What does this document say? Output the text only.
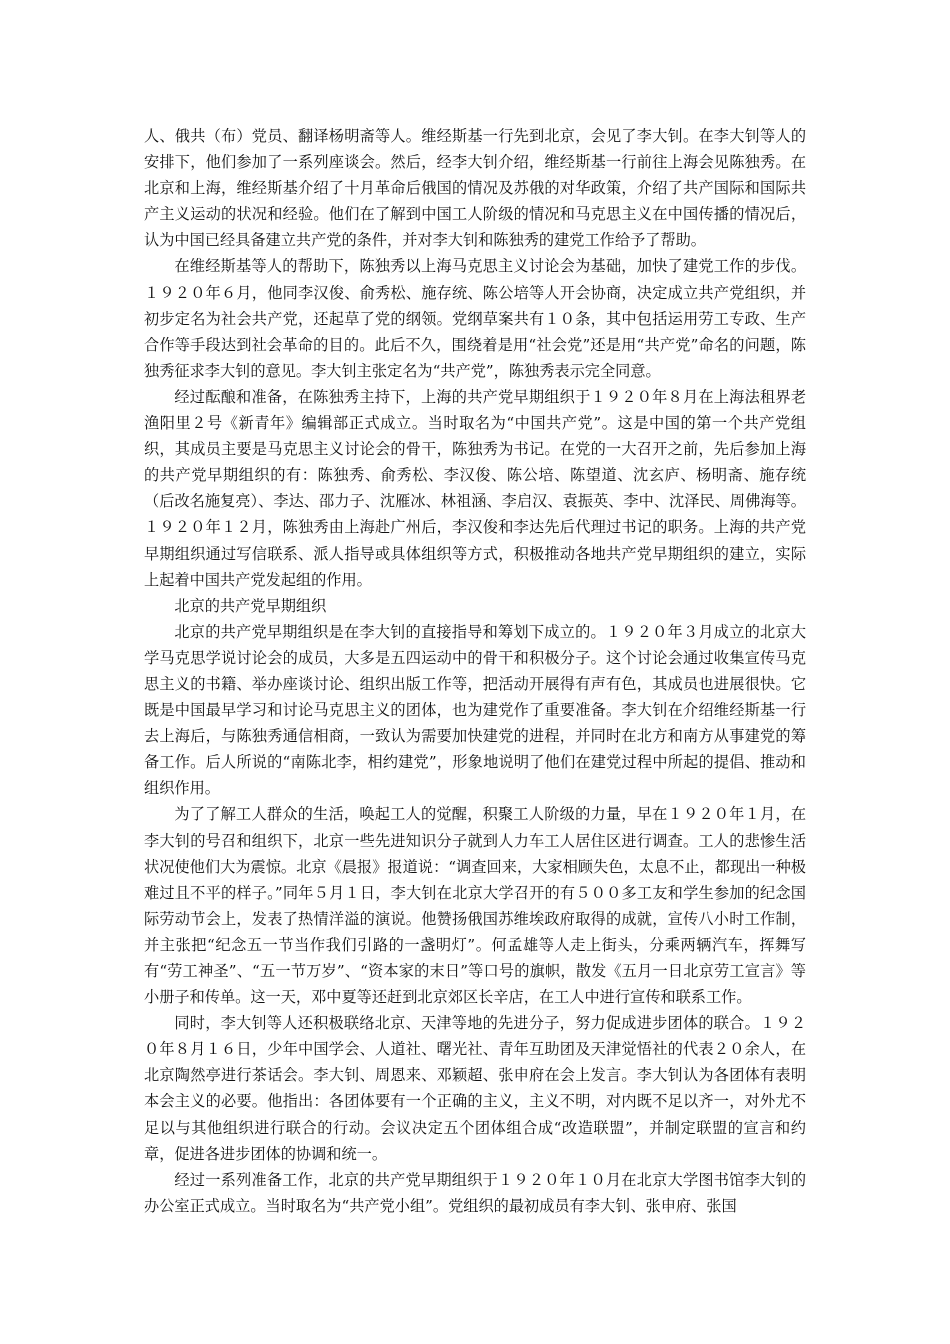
人、俄共（布）党员、翻译杨明斋等人。维经斯基一行先到北京，会见了李大钊。在李大钊等人的安排下，他们参加了一系列座谈会。然后，经李大钊介绍，维经斯基一行前往上海会见陈独秀。在北京和上海，维经斯基介绍了十月革命后俄国的情况及苏俄的对华政策，介绍了共产国际和国际共产主义运动的状况和经验。他们在了解到中国工人阶级的情况和马克思主义在中国传播的情况后，认为中国已经具备建立共产党的条件，并对李大钊和陈独秀的建党工作给予了帮助。

在维经斯基等人的帮助下，陈独秀以上海马克思主义讨论会为基础，加快了建党工作的步伐。１９２０年６月，他同李汉俊、俞秀松、施存统、陈公培等人开会协商，决定成立共产党组织，并初步定名为社会共产党，还起草了党的纲领。党纲草案共有１０条，其中包括运用劳工专政、生产合作等手段达到社会革命的目的。此后不久，围绕着是用“社会党”还是用“共产党”命名的问题，陈独秀征求李大钊的意见。李大钊主张定名为“共产党”，陈独秀表示完全同意。

经过酝酿和准备，在陈独秀主持下，上海的共产党早期组织于１９２０年８月在上海法租界老渔阳里２号《新青年》编辑部正式成立。当时取名为“中国共产党”。这是中国的第一个共产党组织，其成员主要是马克思主义讨论会的骨干，陈独秀为书记。在党的一大召开之前，先后参加上海的共产党早期组织的有：陈独秀、俞秀松、李汉俊、陈公培、陈望道、沈玄庐、杨明斋、施存统（后改名施复亮）、李达、邵力子、沈雁冰、林祖涵、李启汉、袁振英、李中、沈泽民、周佛海等。１９２０年１２月，陈独秀由上海赴广州后，李汉俊和李达先后代理过书记的职务。上海的共产党早期组织通过写信联系、派人指导或具体组织等方式，积极推动各地共产党早期组织的建立，实际上起着中国共产党发起组的作用。

北京的共产党早期组织

北京的共产党早期组织是在李大钊的直接指导和筹划下成立的。１９２０年３月成立的北京大学马克思学说讨论会的成员，大多是五四运动中的骨干和积极分子。这个讨论会通过收集宣传马克思主义的书籍、举办座谈讨论、组织出版工作等，把活动开展得有声有色，其成员也进展很快。它既是中国最早学习和讨论马克思主义的团体，也为建党作了重要准备。李大钊在介绍维经斯基一行去上海后，与陈独秀通信相商，一致认为需要加快建党的进程，并同时在北方和南方从事建党的筹备工作。后人所说的“南陈北李，相约建党”，形象地说明了他们在建党过程中所起的提倡、推动和组织作用。

为了了解工人群众的生活，唤起工人的觉醒，积聚工人阶级的力量，早在１９２０年１月，在李大钊的号召和组织下，北京一些先进知识分子就到人力车工人居住区进行调查。工人的悲惨生活状况使他们大为震惊。北京《晨报》报道说：“调查回来，大家相顾失色，太息不止，都现出一种极难过且不平的样子。”同年５月１日，李大钊在北京大学召开的有５００多工友和学生参加的纪念国际劳动节会上，发表了热情洋溢的演说。他赞扬俄国苏维埃政府取得的成就，宣传八小时工作制，并主张把“纪念五一节当作我们引路的一盏明灯”。何孟雄等人走上街头，分乘两辆汽车，挥舞写有“劳工神圣”、“五一节万岁”、“资本家的末日”等口号的旗帜，散发《五月一日北京劳工宣言》等小册子和传单。这一天，邓中夏等还赶到北京郊区长辛店，在工人中进行宣传和联系工作。

同时，李大钊等人还积极联络北京、天津等地的先进分子，努力促成进步团体的联合。１９２０年８月１６日，少年中国学会、人道社、曙光社、青年互助团及天津觉悟社的代表２０余人，在北京陶然亭进行茶话会。李大钊、周恩来、邓颖超、张申府在会上发言。李大钊认为各团体有表明本会主义的必要。他指出：各团体要有一个正确的主义，主义不明，对内既不足以齐一，对外尤不足以与其他组织进行联合的行动。会议决定五个团体组合成“改造联盟”，并制定联盟的宣言和约章，促进各进步团体的协调和统一。

经过一系列准备工作，北京的共产党早期组织于１９２０年１０月在北京大学图书馆李大钊的办公室正式成立。当时取名为“共产党小组”。党组织的最初成员有李大钊、张申府、张国
